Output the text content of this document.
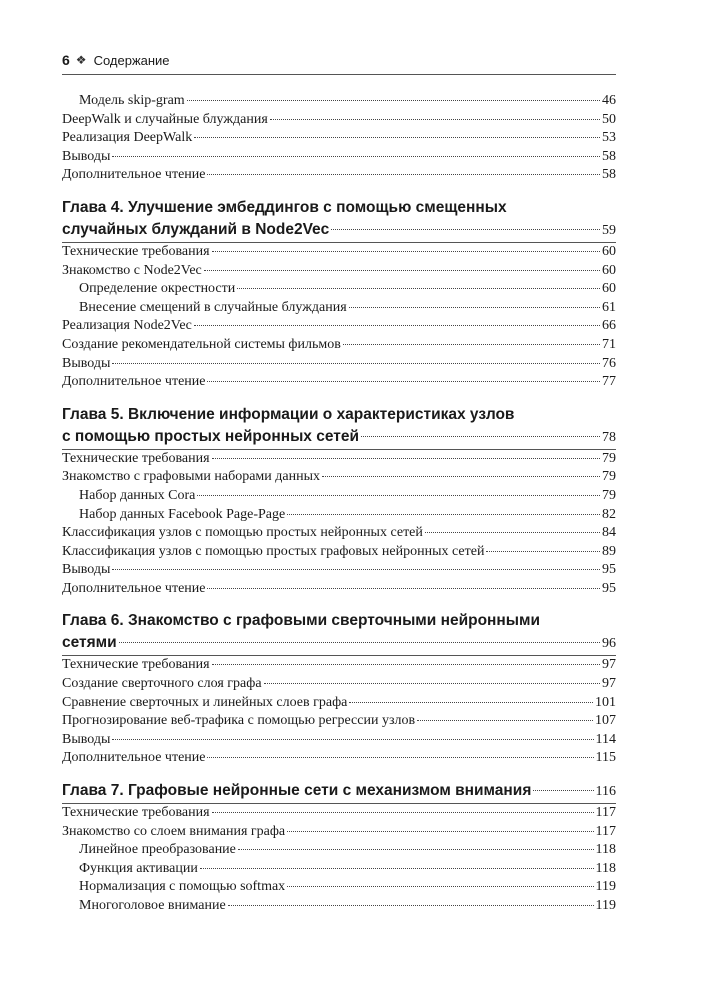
6 ❖ Содержание
Модель skip-gram	46
DeepWalk и случайные блуждания	50
Реализация DeepWalk	53
Выводы	58
Дополнительное чтение	58
Глава 4. Улучшение эмбеддингов с помощью смещенных
случайных блужданий в Node2Vec	59
Технические требования	60
Знакомство с Node2Vec	60
Определение окрестности	60
Внесение смещений в случайные блуждания	61
Реализация Node2Vec	66
Создание рекомендательной системы фильмов	71
Выводы	76
Дополнительное чтение	77
Глава 5. Включение информации о характеристиках узлов
с помощью простых нейронных сетей	78
Технические требования	79
Знакомство с графовыми наборами данных	79
Набор данных Cora	79
Набор данных Facebook Page-Page	82
Классификация узлов с помощью простых нейронных сетей	84
Классификация узлов с помощью простых графовых нейронных сетей	89
Выводы	95
Дополнительное чтение	95
Глава 6. Знакомство с графовыми сверточными нейронными
сетями	96
Технические требования	97
Создание сверточного слоя графа	97
Сравнение сверточных и линейных слоев графа	101
Прогнозирование веб-трафика с помощью регрессии узлов	107
Выводы	114
Дополнительное чтение	115
Глава 7. Графовые нейронные сети с механизмом внимания	116
Технические требования	117
Знакомство со слоем внимания графа	117
Линейное преобразование	118
Функция активации	118
Нормализация с помощью softmax	119
Многоголовое внимание	119
